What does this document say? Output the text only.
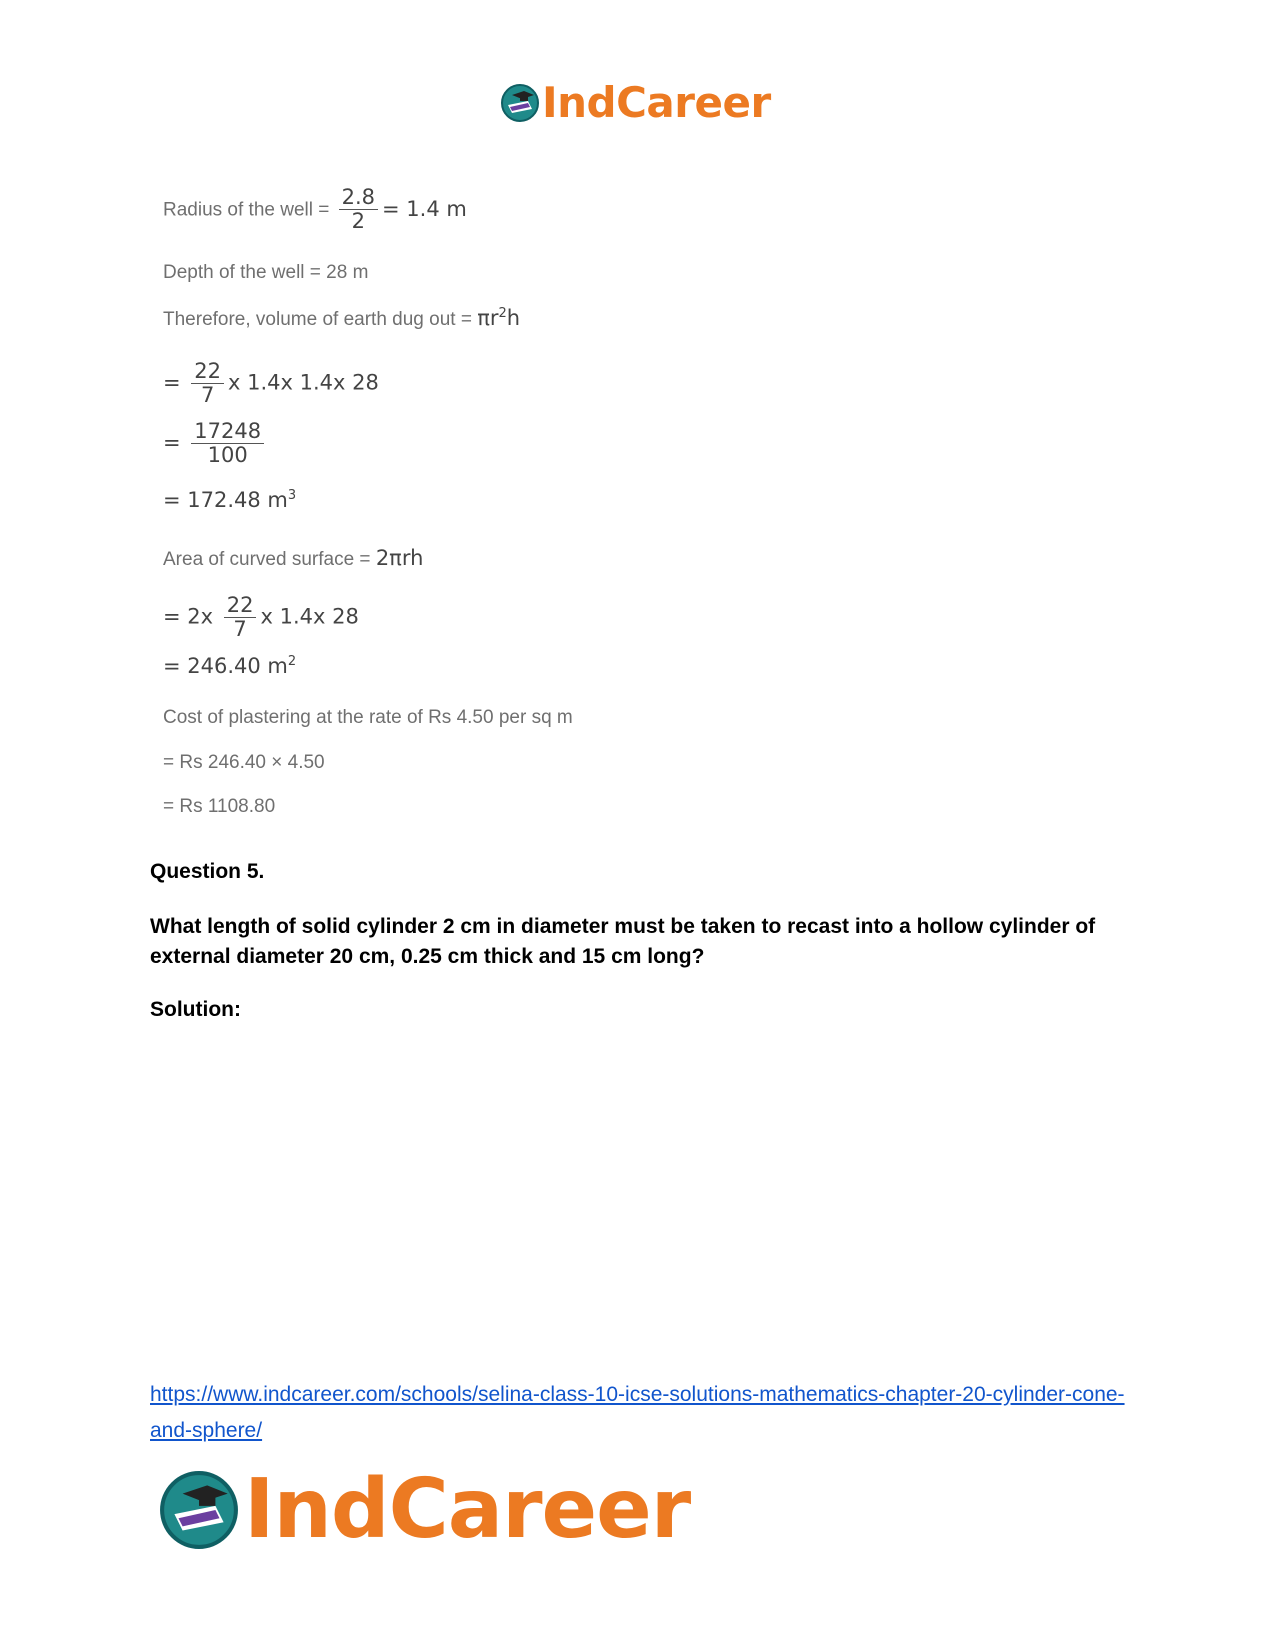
IndCareer
Radius of the well = $\frac{2.8}{2} = 1.4$ m
Depth of the well = 28 m
Therefore, volume of earth dug out = $\pi r^2h$
= $\frac{22}{7}$ x 1.4x 1.4x 28
= $\frac{17248}{100}$
= 172.48 $m^3$
Area of curved surface = 2πrh
= $2x \frac{22}{7}$ x 1.4x 28
= 246.40 $m^2$
Cost of plastering at the rate of Rs 4.50 per sq m
= Rs 246.40 × 4.50
= Rs 1108.80
Question 5.
What length of solid cylinder 2 cm in diameter must be taken to recast into a hollow cylinder of external diameter 20 cm, 0.25 cm thick and 15 cm long?
Solution:
https://www.indcareer.com/schools/selina-class-10-icse-solutions-mathematics-chapter-20-cylinder-cone-and-sphere/
IndCareer
